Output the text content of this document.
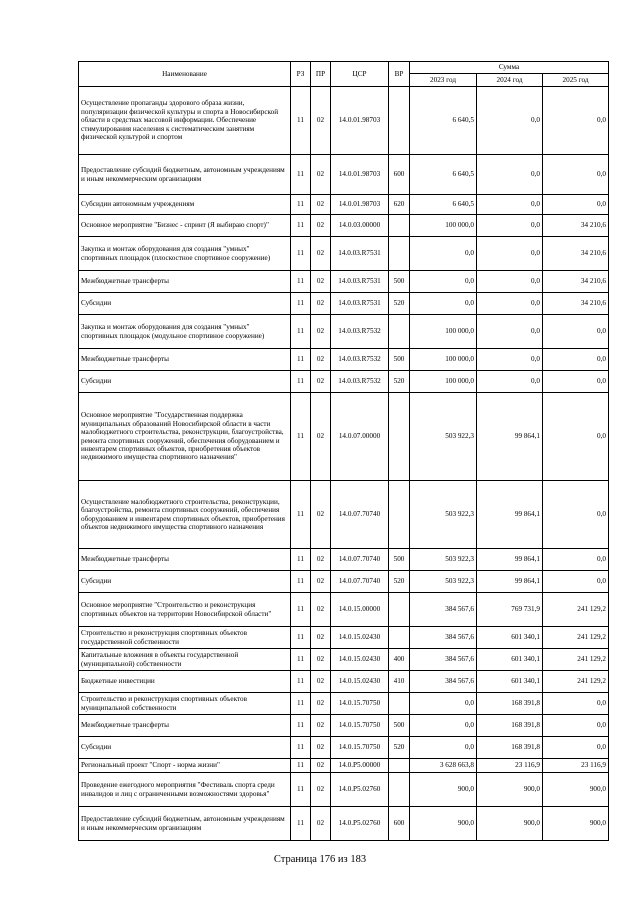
Наименование	РЗ	ПР	ЦСР	ВР	Сумма		
					2023 год	2024 год	2025 год
Осуществление пропаганды здорового образа жизни, популяризации физической культуры и спорта в Новосибирской области в средствах массовой информации. Обеспечение стимулирования населения к систематическим занятиям физической культурой и спортом	11	02	14.0.01.98703		6 640,5	0,0	0,0
Предоставление субсидий бюджетным, автономным учреждениям и иным некоммерческим организациям	11	02	14.0.01.98703	600	6 640,5	0,0	0,0
Субсидии автономным учреждениям	11	02	14.0.01.98703	620	6 640,5	0,0	0,0
Основное мероприятие "Бизнес - спринт (Я выбираю спорт)"	11	02	14.0.03.00000		100 000,0	0,0	34 210,6
Закупка и монтаж оборудования для создания "умных" спортивных площадок (плоскостное спортивное сооружение)	11	02	14.0.03.R7531		0,0	0,0	34 210,6
Межбюджетные трансферты	11	02	14.0.03.R7531	500	0,0	0,0	34 210,6
Субсидии	11	02	14.0.03.R7531	520	0,0	0,0	34 210,6
Закупка и монтаж оборудования для создания "умных" спортивных площадок (модульное спортивное сооружение)	11	02	14.0.03.R7532		100 000,0	0,0	0,0
Межбюджетные трансферты	11	02	14.0.03.R7532	500	100 000,0	0,0	0,0
Субсидии	11	02	14.0.03.R7532	520	100 000,0	0,0	0,0
Основное мероприятие "Государственная поддержка муниципальных образований Новосибирской области в части малобюджетного строительства, реконструкции, благоустройства, ремонта спортивных сооружений, обеспечения оборудованием и инвентарем спортивных объектов, приобретения объектов недвижимого имущества спортивного назначения"	11	02	14.0.07.00000		503 922,3	99 864,1	0,0
Осуществление малобюджетного строительства, реконструкции, благоустройства, ремонта спортивных сооружений, обеспечения оборудованием и инвентарем спортивных объектов, приобретения объектов недвижимого имущества спортивного назначения	11	02	14.0.07.70740		503 922,3	99 864,1	0,0
Межбюджетные трансферты	11	02	14.0.07.70740	500	503 922,3	99 864,1	0,0
Субсидии	11	02	14.0.07.70740	520	503 922,3	99 864,1	0,0
Основное мероприятие "Строительство и реконструкция спортивных объектов на территории Новосибирской области"	11	02	14.0.15.00000		384 567,6	769 731,9	241 129,2
Строительство и реконструкция спортивных объектов государственной собственности	11	02	14.0.15.02430		384 567,6	601 340,1	241 129,2
Капитальные вложения в объекты государственной (муниципальной) собственности	11	02	14.0.15.02430	400	384 567,6	601 340,1	241 129,2
Бюджетные инвестиции	11	02	14.0.15.02430	410	384 567,6	601 340,1	241 129,2
Строительство и реконструкция спортивных объектов муниципальной собственности	11	02	14.0.15.70750		0,0	168 391,8	0,0
Межбюджетные трансферты	11	02	14.0.15.70750	500	0,0	168 391,8	0,0
Субсидии	11	02	14.0.15.70750	520	0,0	168 391,8	0,0
Региональный проект "Спорт - норма жизни"	11	02	14.0.P5.00000		3 628 663,8	23 116,9	23 116,9
Проведение ежегодного мероприятия "Фестиваль спорта среди инвалидов и лиц с ограниченными возможностями здоровья"	11	02	14.0.P5.02760		900,0	900,0	900,0
Предоставление субсидий бюджетным, автономным учреждениям и иным некоммерческим организациям	11	02	14.0.P5.02760	600	900,0	900,0	900,0
Страница 176 из 183
